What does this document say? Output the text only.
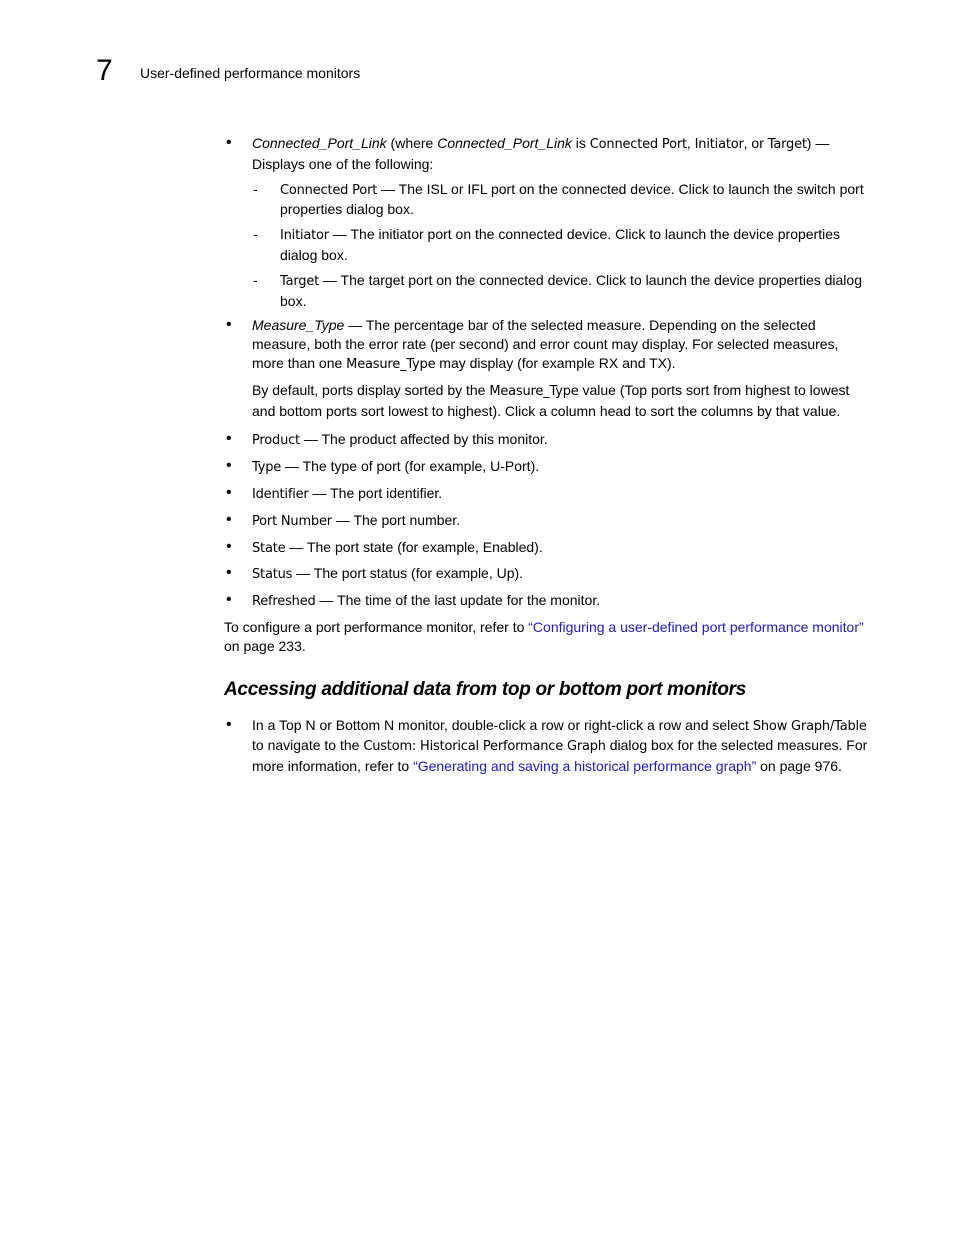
7 User-defined performance monitors
• Connected_Port_Link (where Connected_Port_Link is Connected Port, Initiator, or Target) — Displays one of the following:
- Connected Port — The ISL or IFL port on the connected device. Click to launch the switch port properties dialog box.
- Initiator — The initiator port on the connected device. Click to launch the device properties dialog box.
- Target — The target port on the connected device. Click to launch the device properties dialog box.
• Measure_Type — The percentage bar of the selected measure. Depending on the selected measure, both the error rate (per second) and error count may display. For selected measures, more than one Measure_Type may display (for example RX and TX).

By default, ports display sorted by the Measure_Type value (Top ports sort from highest to lowest and bottom ports sort lowest to highest). Click a column head to sort the columns by that value.

• Product — The product affected by this monitor.
• Type — The type of port (for example, U-Port).
• Identifier — The port identifier.
• Port Number — The port number.
• State — The port state (for example, Enabled).
• Status — The port status (for example, Up).
• Refreshed — The time of the last update for the monitor.

To configure a port performance monitor, refer to “Configuring a user-defined port performance monitor” on page 233.

Accessing additional data from top or bottom port monitors
• In a Top N or Bottom N monitor, double-click a row or right-click a row and select Show Graph/Table to navigate to the Custom: Historical Performance Graph dialog box for the selected measures. For more information, refer to “Generating and saving a historical performance graph” on page 976.
